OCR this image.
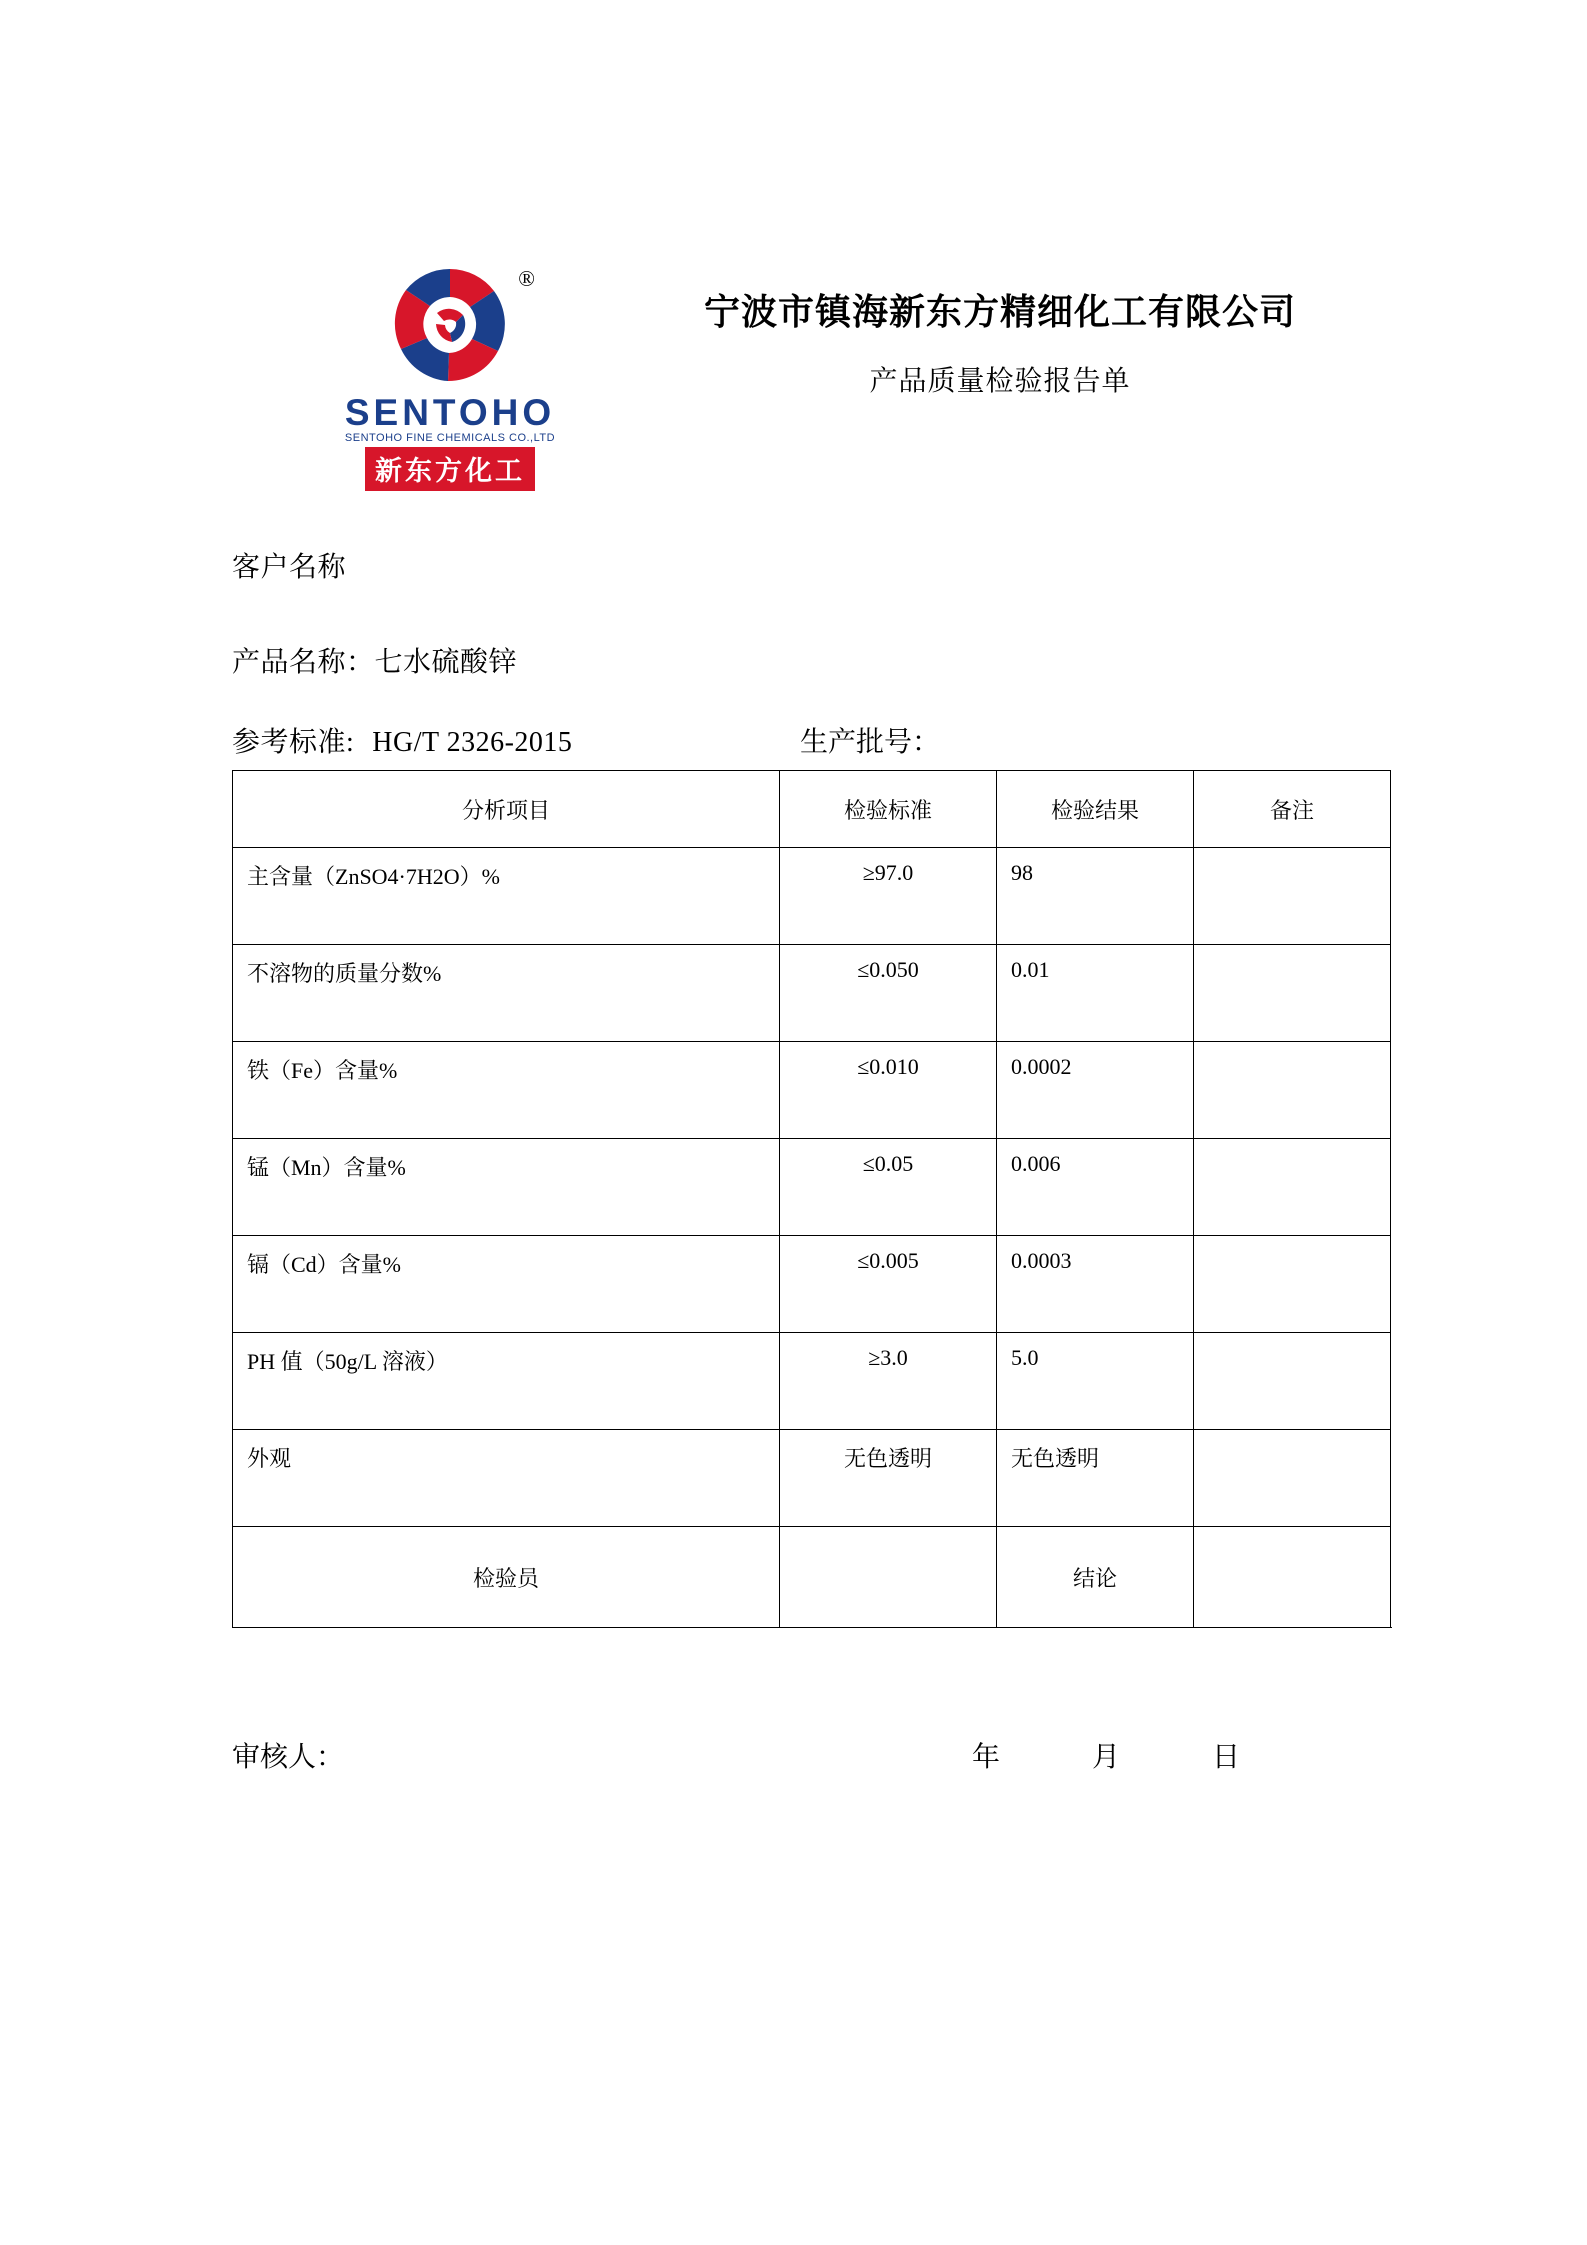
®
SENTOHO
SENTOHO FINE CHEMICALS CO.,LTD
新东方化工
宁波市镇海新东方精细化工有限公司
产品质量检验报告单
客户名称
产品名称：七水硫酸锌
参考标准: HG/T 2326-2015	生产批号：
分析项目	检验标准	检验结果	备注
主含量（ZnSO4·7H2O）%	≥97.0	98	
不溶物的质量分数%	≤0.050	0.01	
铁（Fe）含量%	≤0.010	0.0002	
锰（Mn）含量%	≤0.05	0.006	
镉（Cd）含量%	≤0.005	0.0003	
PH 值（50g/L 溶液）	≥3.0	5.0	
外观	无色透明	无色透明	
检验员		结论	
审核人：	年	月	日
